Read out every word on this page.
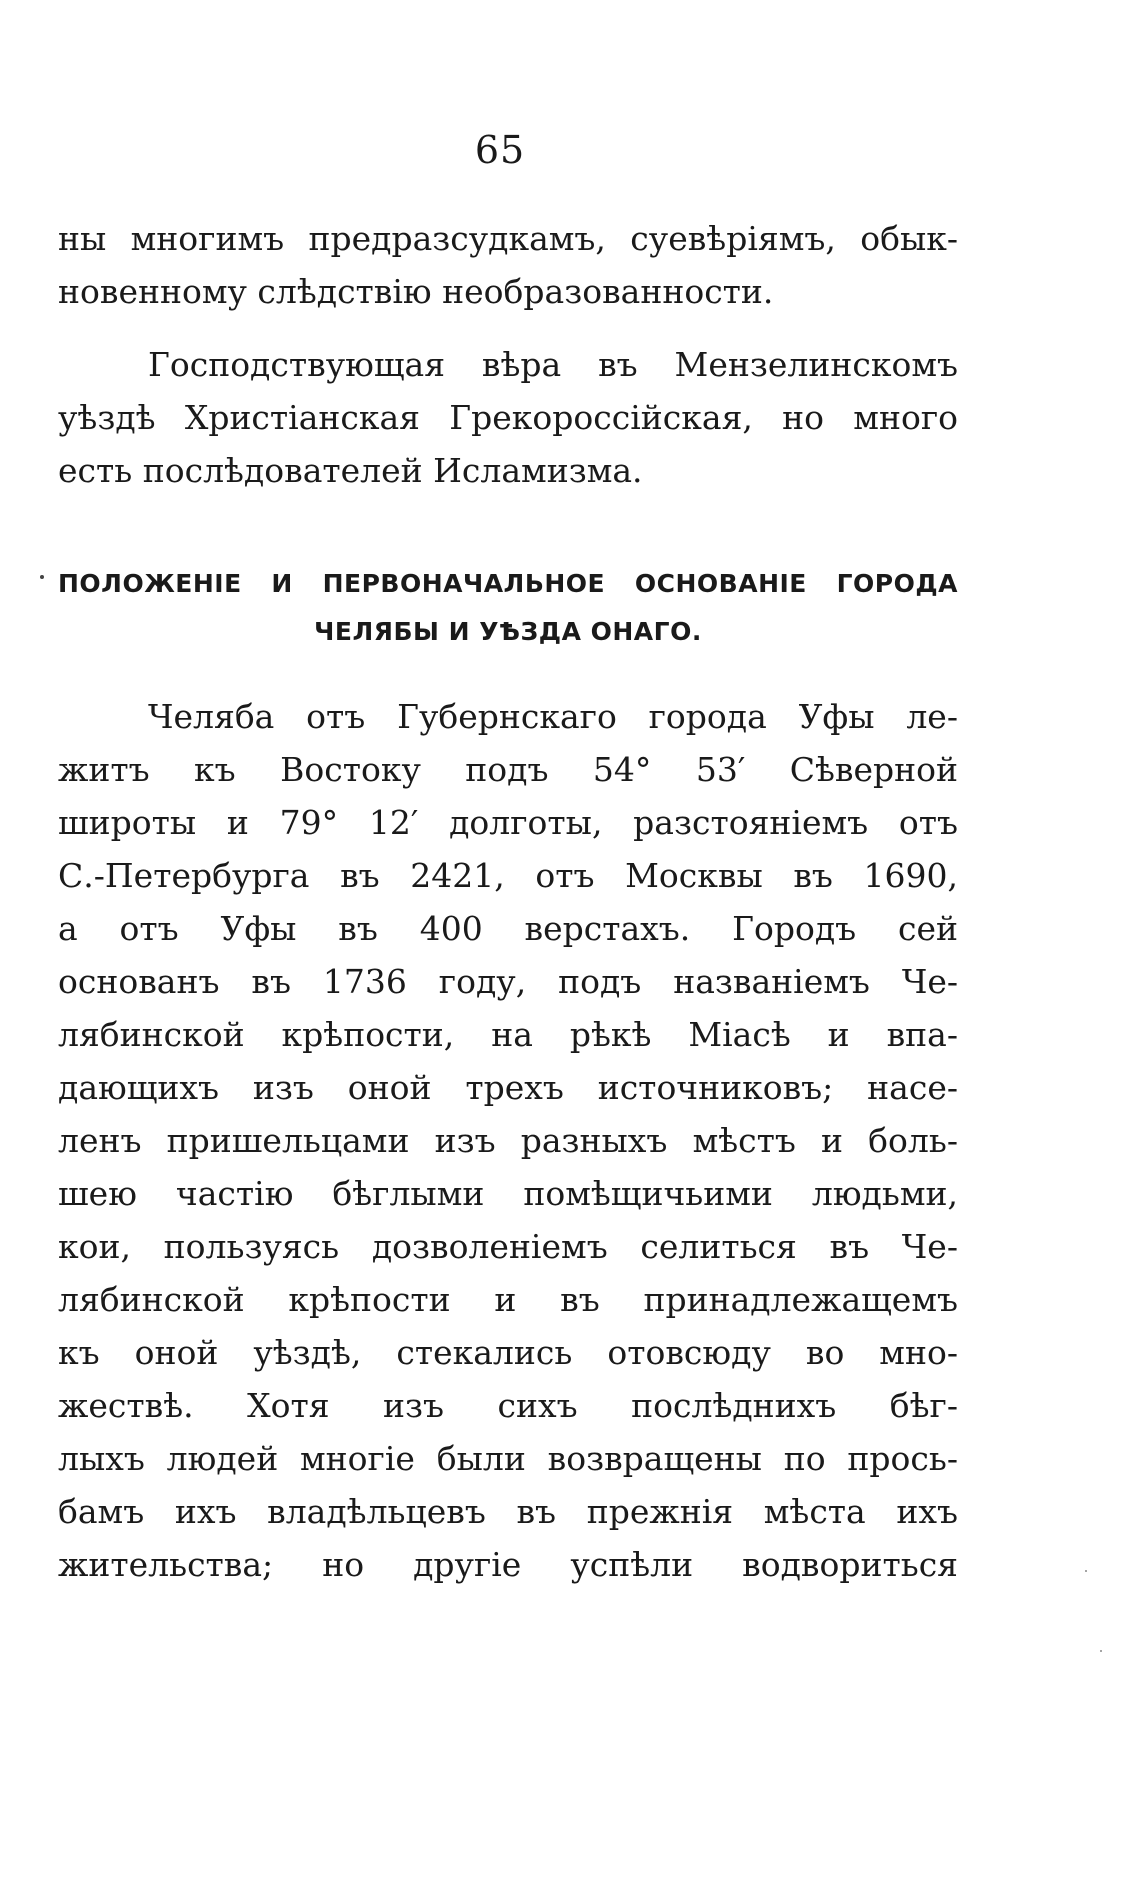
65
ны многимъ предразсудкамъ, суевѣріямъ, обык-
новенному слѣдствію необразованности.
Господствующая вѣра въ Мензелинскомъ
уѣздѣ Христіанская Грекороссійская, но много
есть послѣдователей Исламизма.
ПОЛОЖЕНІЕ И ПЕРВОНАЧАЛЬНОЕ ОСНОВАНІЕ ГОРОДА
ЧЕЛЯБЫ И УѢЗДА ОНАГО.
Челяба отъ Губернскаго города Уфы ле-
житъ къ Востоку подъ 54° 53′ Сѣверной
широты и 79° 12′ долготы, разстояніемъ отъ
С.-Петербурга въ 2421, отъ Москвы въ 1690,
а отъ Уфы въ 400 верстахъ. Городъ сей
основанъ въ 1736 году, подъ названіемъ Че-
лябинской крѣпости, на рѣкѣ Міасѣ и впа-
дающихъ изъ оной трехъ источниковъ; насе-
ленъ пришельцами изъ разныхъ мѣстъ и боль-
шею частію бѣглыми помѣщичьими людьми,
кои, пользуясь дозволеніемъ селиться въ Че-
лябинской крѣпости и въ принадлежащемъ
къ оной уѣздѣ, стекались отовсюду во мно-
жествѣ. Хотя изъ сихъ послѣднихъ бѣг-
лыхъ людей многіе были возвращены по прось-
бамъ ихъ владѣльцевъ въ прежнія мѣста ихъ
жительства; но другіе успѣли водвориться
